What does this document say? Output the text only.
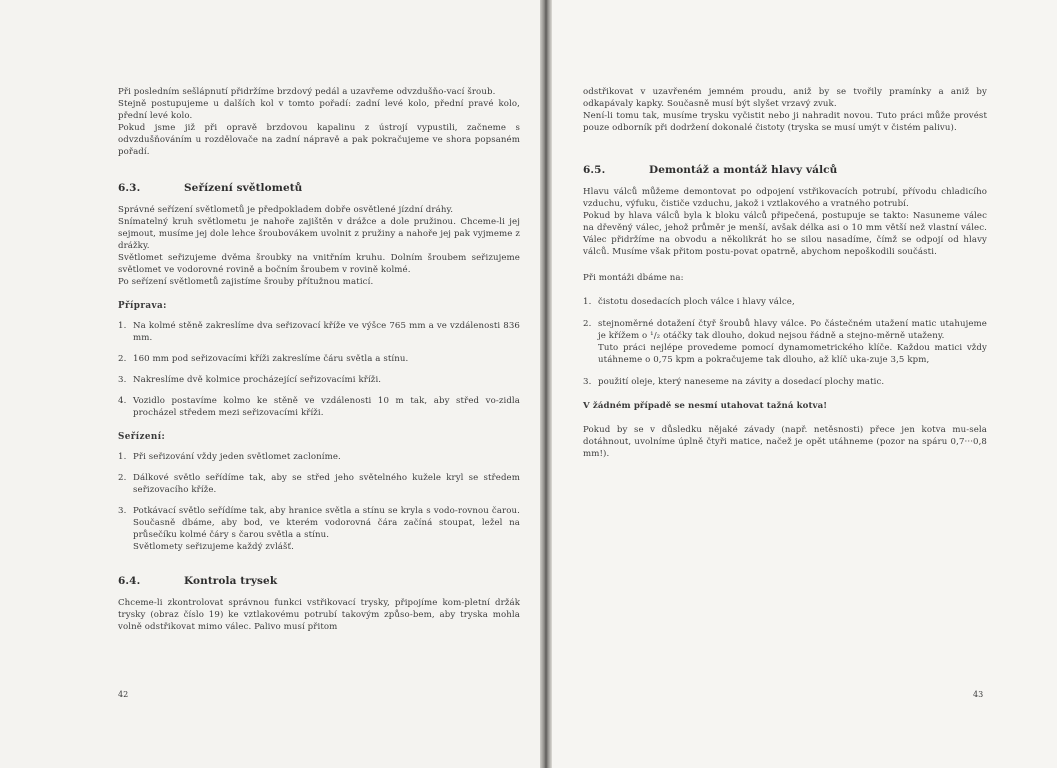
Při posledním sešlápnutí přidržíme brzdový pedál a uzavřeme odvzdušňo-vací šroub.

Stejně postupujeme u dalších kol v tomto pořadí: zadní levé kolo, přední pravé kolo, přední levé kolo.

Pokud jsme již při opravě brzdovou kapalinu z ústrojí vypustili, začneme s odvzdušňováním u rozdělovače na zadní nápravě a pak pokračujeme ve shora popsaném pořadí.

6.3.	Seřízení světlometů

Správné seřízení světlometů je předpokladem dobře osvětlené jízdní dráhy.

Snímatelný kruh světlometu je nahoře zajištěn v drážce a dole pružinou. Chceme-li jej sejmout, musíme jej dole lehce šroubovákem uvolnit z pružiny a nahoře jej pak vyjmeme z drážky.

Světlomet seřizujeme dvěma šroubky na vnitřním kruhu. Dolním šroubem seřizujeme světlomet ve vodorovné rovině a bočním šroubem v rovině kolmé.

Po seřízení světlometů zajistíme šrouby přítužnou maticí.

Příprava:
1. Na kolmé stěně zakreslíme dva seřizovací kříže ve výšce 765 mm a ve vzdálenosti 836 mm.
2. 160 mm pod seřizovacími kříži zakreslíme čáru světla a stínu.
3. Nakreslíme dvě kolmice procházející seřizovacími kříži.
4. Vozidlo postavíme kolmo ke stěně ve vzdálenosti 10 m tak, aby střed vo-zidla procházel středem mezi seřizovacími kříži.
Seřízení:
1. Při seřizování vždy jeden světlomet zacloníme.
2. Dálkové světlo seřídíme tak, aby se střed jeho světelného kužele kryl se středem seřizovacího kříže.
3. Potkávací světlo seřídíme tak, aby hranice světla a stínu se kryla s vodo-rovnou čarou. Současně dbáme, aby bod, ve kterém vodorovná čára začíná stoupat, ležel na průsečíku kolmé čáry s čarou světla a stínu.

Světlomety seřizujeme každý zvlášť.

6.4.	Kontrola trysek

Chceme-li zkontrolovat správnou funkci vstřikovací trysky, připojíme kom-pletní držák trysky (obraz číslo 19) ke vztlakovému potrubí takovým způso-bem, aby tryska mohla volně odstřikovat mimo válec. Palivo musí přitom

42

odstřikovat v uzavřeném jemném proudu, aniž by se tvořily pramínky a aniž by odkapávaly kapky. Současně musí být slyšet vrzavý zvuk.

Není-li tomu tak, musíme trysku vyčistit nebo ji nahradit novou. Tuto práci může provést pouze odborník při dodržení dokonalé čistoty (tryska se musí umýt v čistém palivu).

6.5.	Demontáž a montáž hlavy válců

Hlavu válců můžeme demontovat po odpojení vstřikovacích potrubí, přívodu chladicího vzduchu, výfuku, čističe vzduchu, jakož i vztlakového a vratného potrubí.

Pokud by hlava válců byla k bloku válců připečená, postupuje se takto: Nasuneme válec na dřevěný válec, jehož průměr je menší, avšak délka asi o 10 mm větší než vlastní válec. Válec přidržíme na obvodu a několikrát ho se silou nasadíme, čímž se odpojí od hlavy válců. Musíme však přitom postu-povat opatrně, abychom nepoškodili součásti.

Při montáži dbáme na:

1. čistotu dosedacích ploch válce i hlavy válce,
2. stejnoměrné dotažení čtyř šroubů hlavy válce. Po částečném utažení matic utahujeme je křížem o ¹/₂ otáčky tak dlouho, dokud nejsou řádně a stejno-měrně utaženy.
Tuto práci nejlépe provedeme pomocí dynamometrického klíče. Každou matici vždy utáhneme o 0,75 kpm a pokračujeme tak dlouho, až klíč uka-zuje 3,5 kpm,
3. použití oleje, který naneseme na závity a dosedací plochy matic.

V žádném případě se nesmí utahovat tažná kotva!

Pokud by se v důsledku nějaké závady (např. netěsnosti) přece jen kotva mu-sela dotáhnout, uvolníme úplně čtyři matice, načež je opět utáhneme (pozor na spáru 0,7···0,8 mm!).

43
